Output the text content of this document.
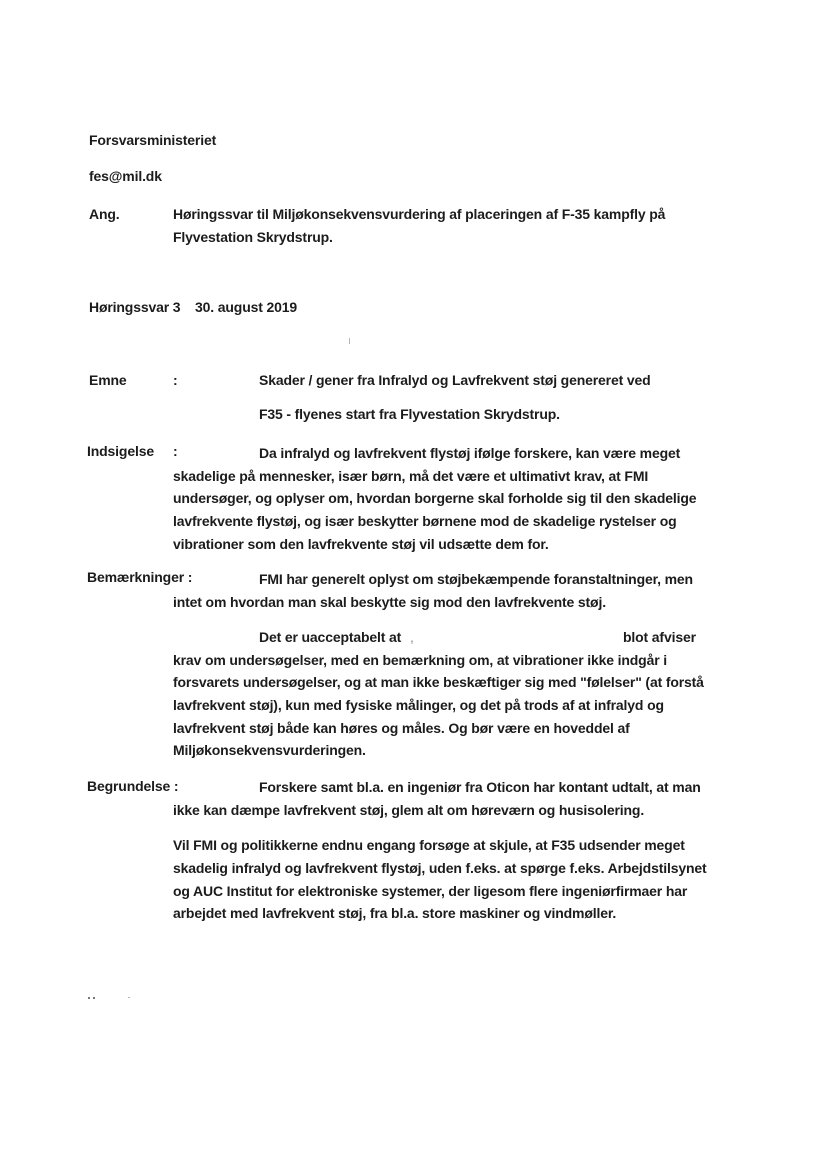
Forsvarsministeriet
fes@mil.dk
Ang.	Høringssvar til Miljøkonsekvensvurdering af placeringen af F-35 kampfly på
Flyvestation Skrydstrup.
Høringssvar 3 30. august 2019
Emne	:	Skader / gener fra Infralyd og Lavfrekvent støj genereret ved
F35 - flyenes start fra Flyvestation Skrydstrup.
Indsigelse :	Da infralyd og lavfrekvent flystøj ifølge forskere, kan være meget
skadelige på mennesker, især børn, må det være et ultimativt krav, at FMI
undersøger, og oplyser om, hvordan borgerne skal forholde sig til den skadelige
lavfrekvente flystøj, og især beskytter børnene mod de skadelige rystelser og
vibrationer som den lavfrekvente støj vil udsætte dem for.
Bemærkninger :	FMI har generelt oplyst om støjbekæmpende foranstaltninger, men
intet om hvordan man skal beskytte sig mod den lavfrekvente støj.
Det er uacceptabelt at ,	blot afviser
krav om undersøgelser, med en bemærkning om, at vibrationer ikke indgår i
forsvarets undersøgelser, og at man ikke beskæftiger sig med "følelser" (at forstå
lavfrekvent støj), kun med fysiske målinger, og det på trods af at infralyd og
lavfrekvent støj både kan høres og måles. Og bør være en hoveddel af
Miljøkonsekvensvurderingen.
Begrundelse :	Forskere samt bl.a. en ingeniør fra Oticon har kontant udtalt, at man
ikke kan dæmpe lavfrekvent støj, glem alt om høreværn og husisolering.
Vil FMI og politikkerne endnu engang forsøge at skjule, at F35 udsender meget
skadelig infralyd og lavfrekvent flystøj, uden f.eks. at spørge f.eks. Arbejdstilsynet
og AUC Institut for elektroniske systemer, der ligesom flere ingeniørfirmaer har
arbejdet med lavfrekvent støj, fra bl.a. store maskiner og vindmøller.
